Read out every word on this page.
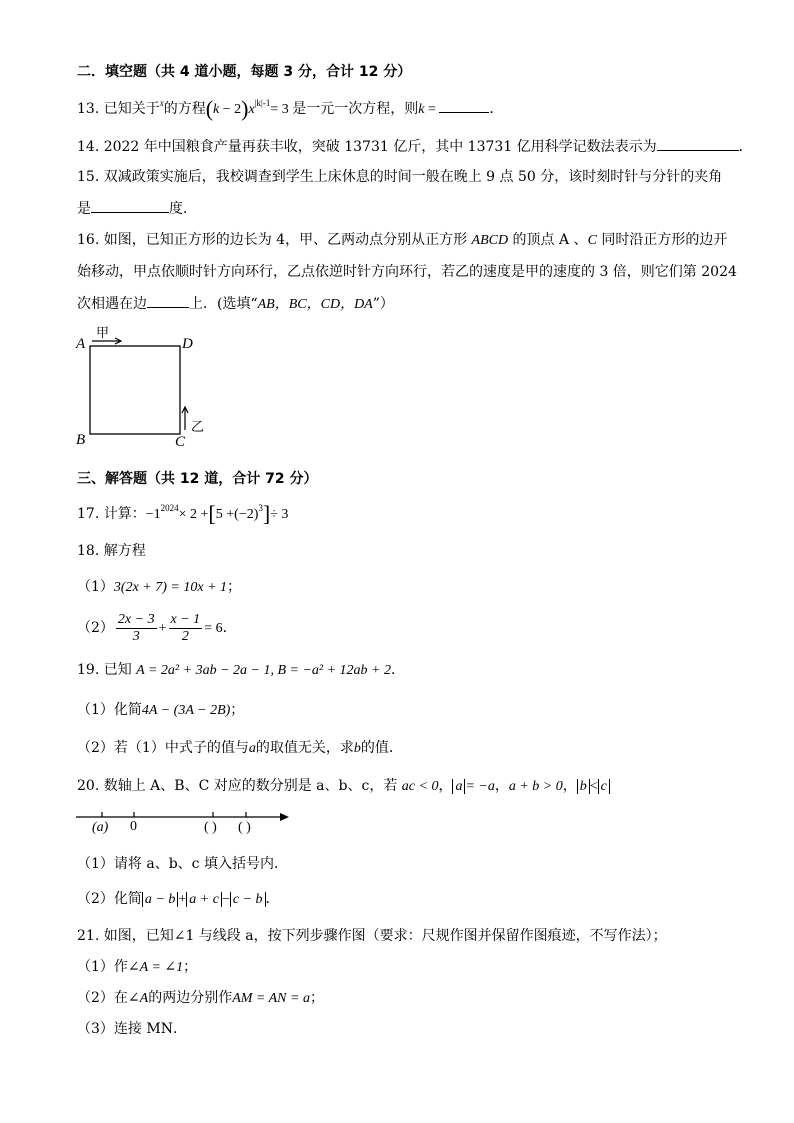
二．填空题（共 4 道小题，每题 3 分，合计 12 分）
13. 已知关于$^x$的方程$(k - 2)x^{|k|-1}= 3$ 是一元一次方程，则k =	．
14. 2022 年中国粮食产量再获丰收，突破 13731 亿斤，其中 13731 亿用科学记数法表示为	．
15. 双减政策实施后，我校调查到学生上床休息的时间一般在晚上 9 点 50 分，该时刻时针与分针的夹角
是	度．
16. 如图，已知正方形的边长为 4，甲、乙两动点分别从正方形 ABCD 的顶点 A 、C 同时沿正方形的边开
始移动，甲点依顺时针方向环行，乙点依逆时针方向环行，若乙的速度是甲的速度的 3 倍，则它们第 2024
次相遇在边	上．(选填“AB，BC，CD，DA”）
A	D
B	C
甲
乙
三、解答题（共 12 道，合计 72 分）
17. 计算：$-1^{2024}\times 2 +[5 +(-2)^3]\div 3$
18. 解方程
（1）3(2x + 7) = 10x + 1；
$(2) \frac{2x - 3}{3} + \frac{x - 1}{2} = 6$．
19. 已知 A = 2a² + 3ab − 2a − 1, B = −a² + 12ab + 2．
（1）化简4A − (3A − 2B)；
（2）若（1）中式子的值与a的取值无关，求b的值．
20. 数轴上 A、B、C 对应的数分别是 a、b、c，若 ac < 0， a = −a，a + b > 0， b < c
(a) 0	( ) ( )
（1）请将 a、b、c 填入括号内．
（2）化简 a − b + a + c − c − b ．
21. 如图，已知∠1 与线段 a，按下列步骤作图（要求：尺规作图并保留作图痕迹，不写作法）；
（1）作∠A = ∠1；
（2）在∠A的两边分别作AM = AN = a；
（3）连接 MN．
